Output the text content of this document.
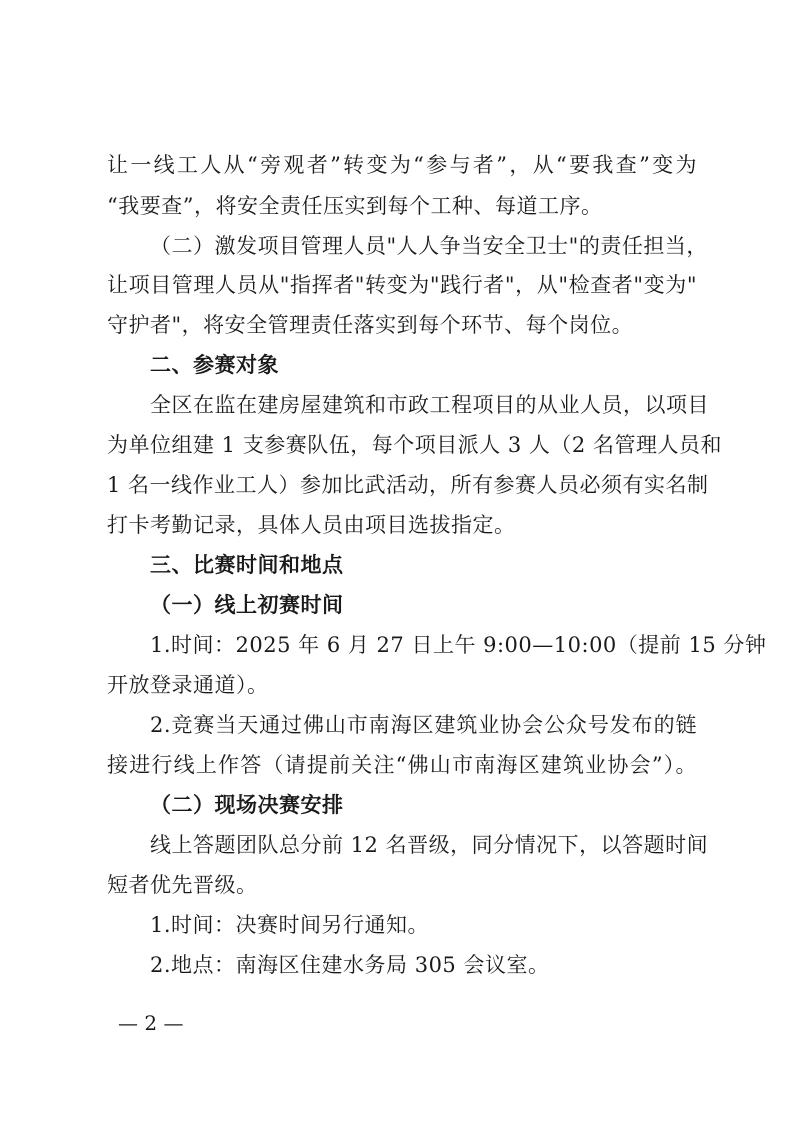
让一线工人从“旁观者”转变为“参与者”，从“要我查”变为
“我要查”，将安全责任压实到每个工种、每道工序。
（二）激发项目管理人员"人人争当安全卫士"的责任担当，
让项目管理人员从"指挥者"转变为"践行者"，从"检查者"变为"
守护者"，将安全管理责任落实到每个环节、每个岗位。
二、参赛对象
全区在监在建房屋建筑和市政工程项目的从业人员，以项目
为单位组建 1 支参赛队伍，每个项目派人 3 人（2 名管理人员和
1 名一线作业工人）参加比武活动，所有参赛人员必须有实名制
打卡考勤记录，具体人员由项目选拔指定。
三、比赛时间和地点
（一）线上初赛时间
1.时间：2025 年 6 月 27 日上午 9:00—10:00（提前 15 分钟
开放登录通道）。
2.竞赛当天通过佛山市南海区建筑业协会公众号发布的链
接进行线上作答（请提前关注“佛山市南海区建筑业协会”）。
（二）现场决赛安排
线上答题团队总分前 12 名晋级，同分情况下，以答题时间
短者优先晋级。
1.时间：决赛时间另行通知。
2.地点：南海区住建水务局 305 会议室。
— 2 —
